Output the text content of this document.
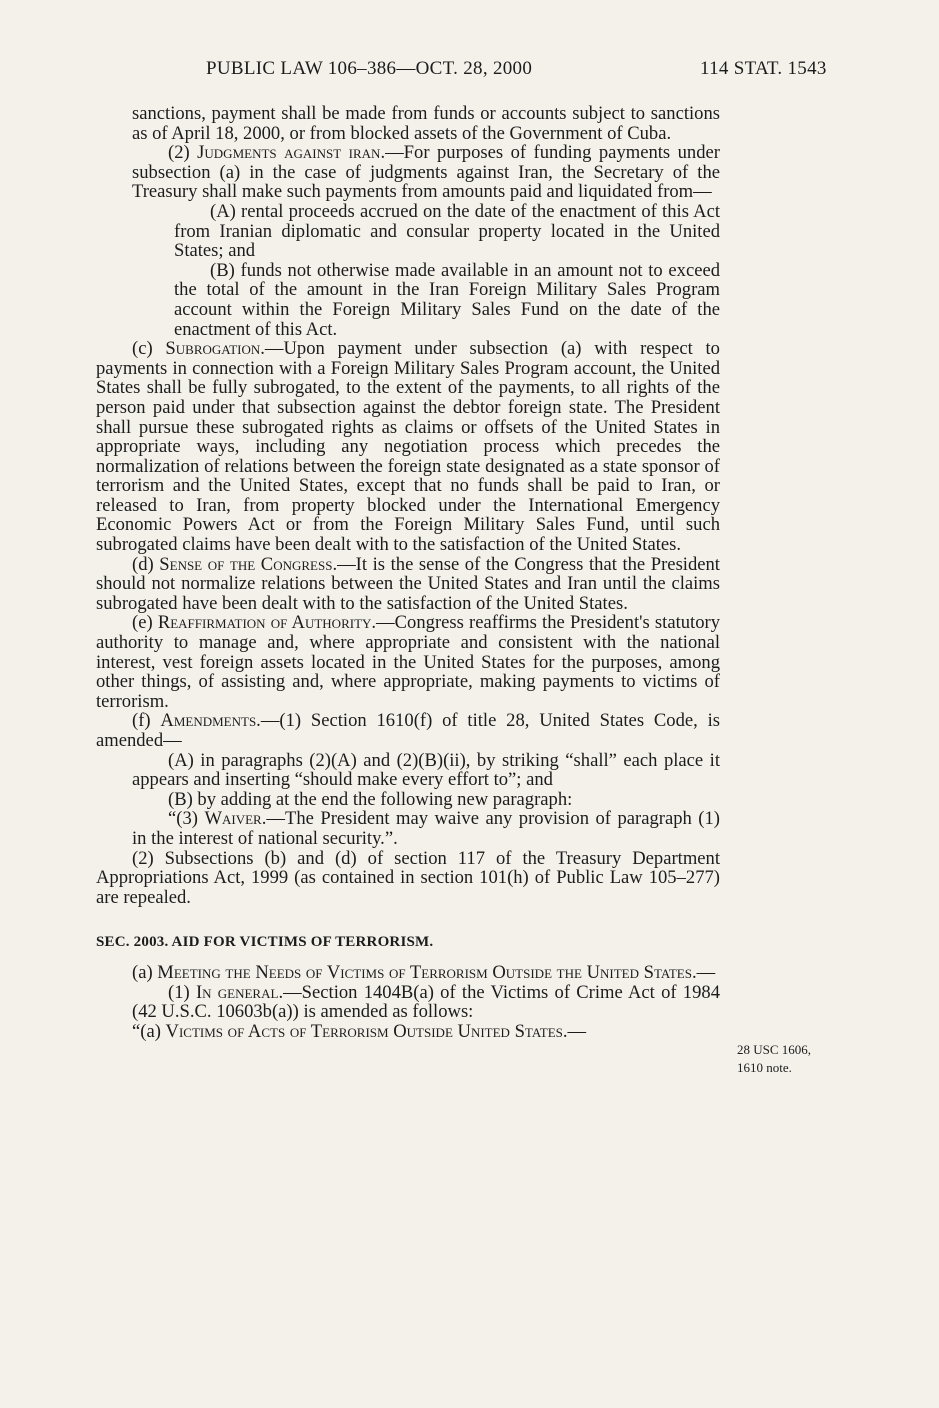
PUBLIC LAW 106–386—OCT. 28, 2000	114 STAT. 1543

sanctions, payment shall be made from funds or accounts subject to sanctions as of April 18, 2000, or from blocked assets of the Government of Cuba.

(2) Judgments against iran.—For purposes of funding payments under subsection (a) in the case of judgments against Iran, the Secretary of the Treasury shall make such payments from amounts paid and liquidated from—

(A) rental proceeds accrued on the date of the enactment of this Act from Iranian diplomatic and consular property located in the United States; and

(B) funds not otherwise made available in an amount not to exceed the total of the amount in the Iran Foreign Military Sales Program account within the Foreign Military Sales Fund on the date of the enactment of this Act.

(c) Subrogation.—Upon payment under subsection (a) with respect to payments in connection with a Foreign Military Sales Program account, the United States shall be fully subrogated, to the extent of the payments, to all rights of the person paid under that subsection against the debtor foreign state. The President shall pursue these subrogated rights as claims or offsets of the United States in appropriate ways, including any negotiation process which precedes the normalization of relations between the foreign state designated as a state sponsor of terrorism and the United States, except that no funds shall be paid to Iran, or released to Iran, from property blocked under the International Emergency Economic Powers Act or from the Foreign Military Sales Fund, until such subrogated claims have been dealt with to the satisfaction of the United States.

(d) Sense of the Congress.—It is the sense of the Congress that the President should not normalize relations between the United States and Iran until the claims subrogated have been dealt with to the satisfaction of the United States.

(e) Reaffirmation of Authority.—Congress reaffirms the President's statutory authority to manage and, where appropriate and consistent with the national interest, vest foreign assets located in the United States for the purposes, among other things, of assisting and, where appropriate, making payments to victims of terrorism.

(f) Amendments.—(1) Section 1610(f) of title 28, United States Code, is amended—

(A) in paragraphs (2)(A) and (2)(B)(ii), by striking “shall” each place it appears and inserting “should make every effort to”; and

(B) by adding at the end the following new paragraph:

“(3) Waiver.—The President may waive any provision of paragraph (1) in the interest of national security.”.

(2) Subsections (b) and (d) of section 117 of the Treasury Department Appropriations Act, 1999 (as contained in section 101(h) of Public Law 105–277) are repealed.

SEC. 2003. AID FOR VICTIMS OF TERRORISM.

(a) Meeting the Needs of Victims of Terrorism Outside the United States.—

(1) In general.—Section 1404B(a) of the Victims of Crime Act of 1984 (42 U.S.C. 10603b(a)) is amended as follows:

“(a) Victims of Acts of Terrorism Outside United States.—

28 USC 1606,
1610 note.
